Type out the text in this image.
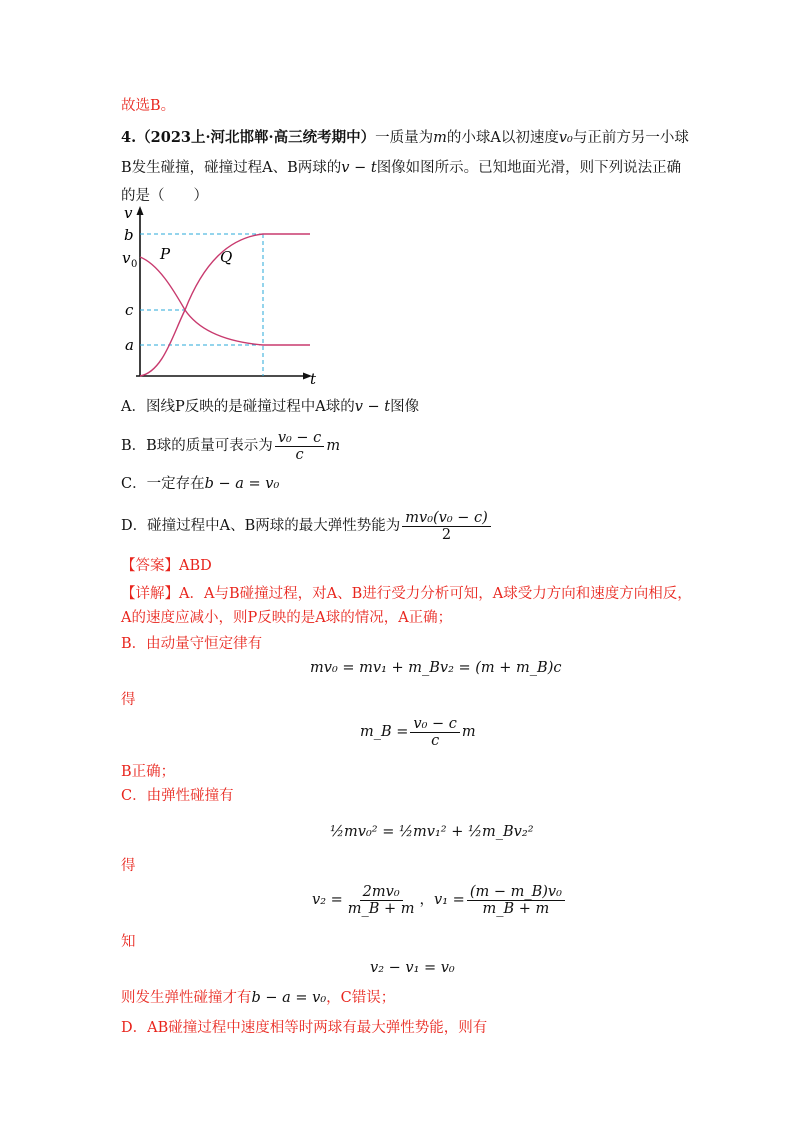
故选B。
4.（2023上·河北邯郸·高三统考期中）一质量为m的小球A以初速度v₀与正前方另一小球
B发生碰撞，碰撞过程A、B两球的v − t图像如图所示。已知地面光滑，则下列说法正确
的是（　　）
v
t
b
v 0
c
a
P	Q
A．图线P反映的是碰撞过程中A球的v − t图像
B．B球的质量可表示为 $\frac{\text{v₀ − c}}{c}$ m
C．一定存在b − a = v₀
D．碰撞过程中A、B两球的最大弹性势能为 $\frac{\text{mv₀(v₀ − c)}}{2}$
【答案】ABD
【详解】A．A与B碰撞过程，对A、B进行受力分析可知，A球受力方向和速度方向相反，
A的速度应减小，则P反映的是A球的情况，A正确；
B．由动量守恒定律有
mv₀ = mv₁ + m_Bv₂ = (m + m_B)c
得
m_B = $\frac{\text{v₀ − c}}{c}$ m
B正确；
C．由弹性碰撞有
½mv₀² = ½mv₁² + ½m_Bv₂²
得
$v_2 = \frac{\text{2mv₀}}{m\_B + m}$ ，$v_1 = \frac{\text{(m − m\_B)v₀}}{m\_B + m}$
知
v₂ − v₁ = v₀
则发生弹性碰撞才有b − a = v₀，C错误；
D．AB碰撞过程中速度相等时两球有最大弹性势能，则有
